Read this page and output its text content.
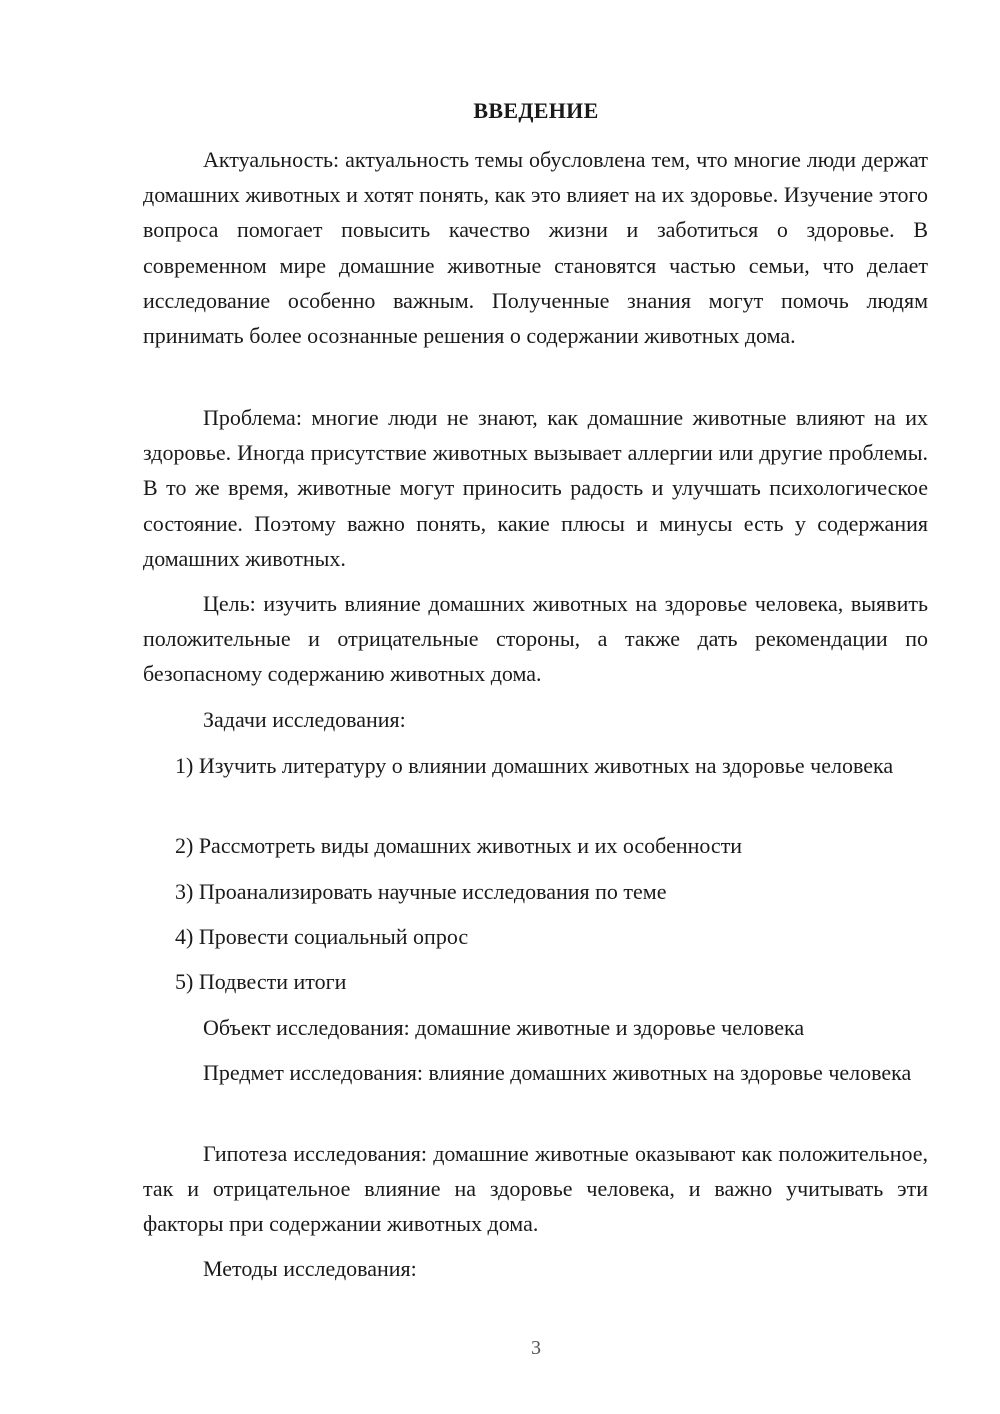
ВВЕДЕНИЕ

Актуальность: актуальность темы обусловлена тем, что многие люди держат домашних животных и хотят понять, как это влияет на их здоровье. Изучение этого вопроса помогает повысить качество жизни и заботиться о здоровье. В современном мире домашние животные становятся частью семьи, что делает исследование особенно важным. Полученные знания могут помочь людям принимать более осознанные решения о содержании животных дома.

Проблема: многие люди не знают, как домашние животные влияют на их здоровье. Иногда присутствие животных вызывает аллергии или другие проблемы. В то же время, животные могут приносить радость и улучшать психологическое состояние. Поэтому важно понять, какие плюсы и минусы есть у содержания домашних животных.

Цель: изучить влияние домашних животных на здоровье человека, выявить положительные и отрицательные стороны, а также дать рекомендации по безопасному содержанию животных дома.

Задачи исследования:

1) Изучить литературу о влиянии домашних животных на здоровье человека

2) Рассмотреть виды домашних животных и их особенности

3) Проанализировать научные исследования по теме

4) Провести социальный опрос

5) Подвести итоги

Объект исследования: домашние животные и здоровье человека

Предмет исследования: влияние домашних животных на здоровье человека

Гипотеза исследования: домашние животные оказывают как положительное, так и отрицательное влияние на здоровье человека, и важно учитывать эти факторы при содержании животных дома.

Методы исследования:

3
